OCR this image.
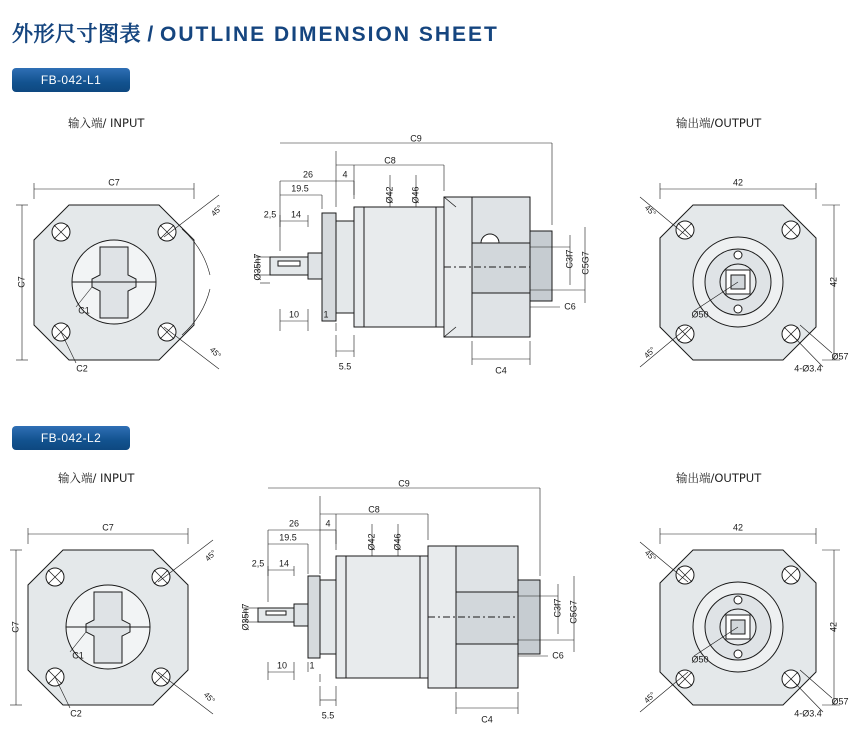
外形尺寸图表 / OUTLINE DIMENSION SHEET
FB-042-L1
输入端/ INPUT	输出端/OUTPUT
C7
C7
C1
C2
45°
45°
C9
C8
26
19.5
4
2,5 14
10	1
5.5	C4
Ø42 Ø46
Ø35h7	C3f7 C5G7
C6
42
42
45°
45°
Ø50
4-Ø3.4
Ø57
FB-042-L2
输入端/ INPUT	输出端/OUTPUT
C7
C7
C1
C2
45°
45°
C9
C8
26
19.5
4
2,5 14
10 1
5.5	C4
Ø42 Ø46
Ø35h7	C3f7 C5G7
C6
42
42
45°
45°
Ø50
4-Ø3.4
Ø57
